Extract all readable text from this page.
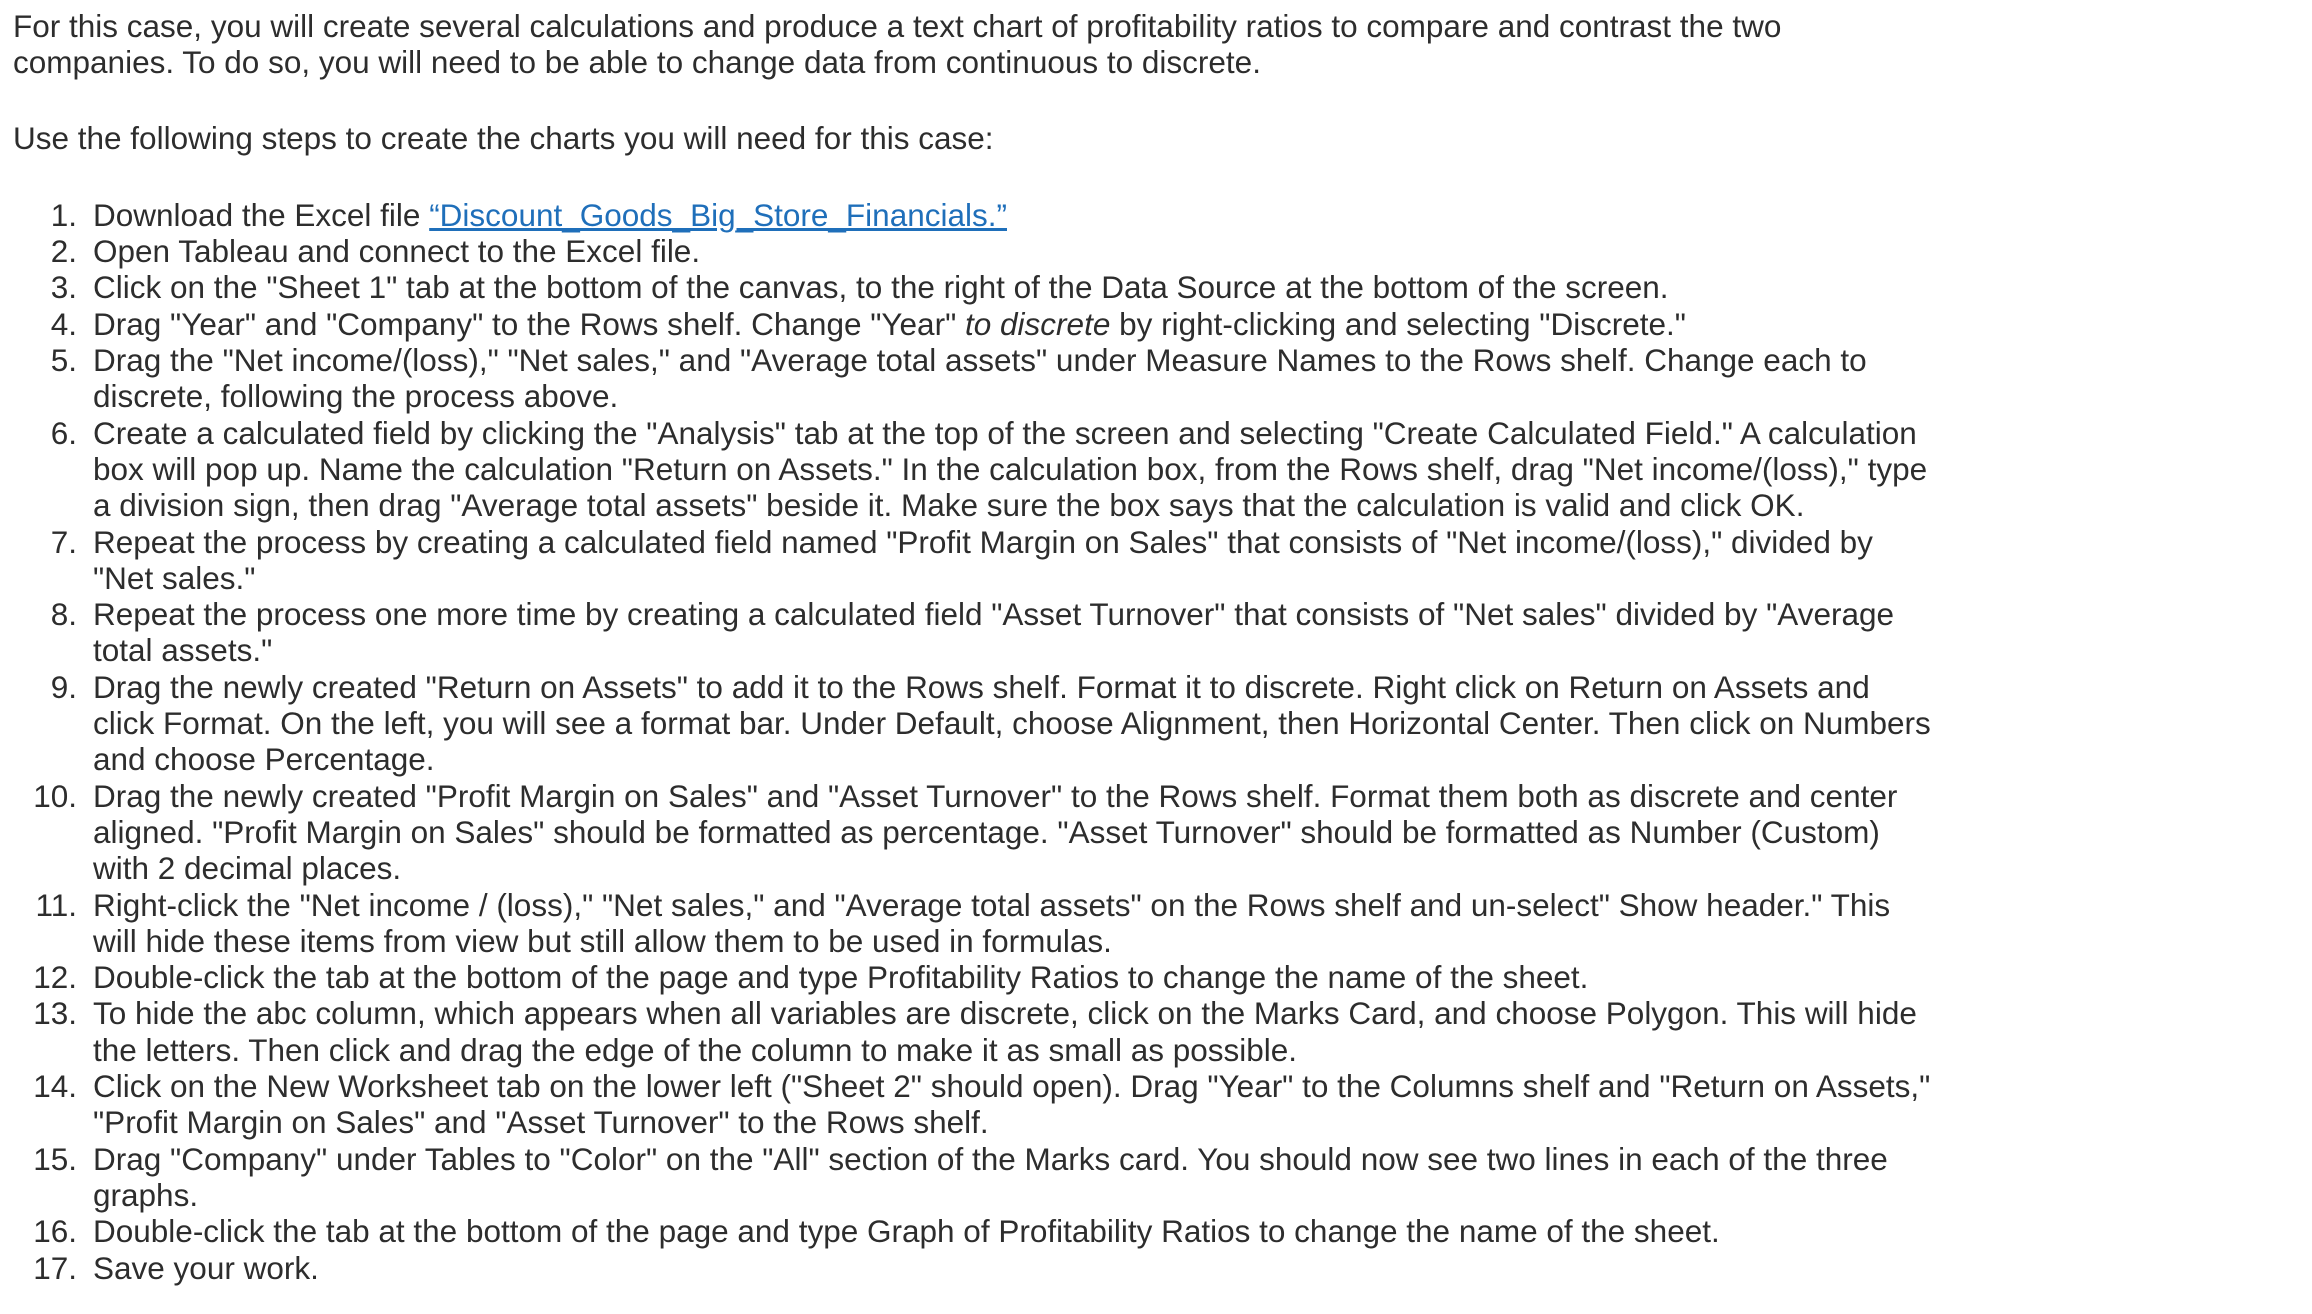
For this case, you will create several calculations and produce a text chart of profitability ratios to compare and contrast the two companies. To do so, you will need to be able to change data from continuous to discrete.

Use the following steps to create the charts you will need for this case:

1. Download the Excel file “Discount_Goods_Big_Store_Financials.”
2. Open Tableau and connect to the Excel file.
3. Click on the "Sheet 1" tab at the bottom of the canvas, to the right of the Data Source at the bottom of the screen.
4. Drag "Year" and "Company" to the Rows shelf. Change "Year" to discrete by right-clicking and selecting "Discrete."
5. Drag the "Net income/(loss)," "Net sales," and "Average total assets" under Measure Names to the Rows shelf. Change each to discrete, following the process above.
6. Create a calculated field by clicking the "Analysis" tab at the top of the screen and selecting "Create Calculated Field." A calculation box will pop up. Name the calculation "Return on Assets." In the calculation box, from the Rows shelf, drag "Net income/(loss)," type a division sign, then drag "Average total assets" beside it. Make sure the box says that the calculation is valid and click OK.
7. Repeat the process by creating a calculated field named "Profit Margin on Sales" that consists of "Net income/(loss)," divided by "Net sales."
8. Repeat the process one more time by creating a calculated field "Asset Turnover" that consists of "Net sales" divided by "Average total assets."
9. Drag the newly created "Return on Assets" to add it to the Rows shelf. Format it to discrete. Right click on Return on Assets and click Format. On the left, you will see a format bar. Under Default, choose Alignment, then Horizontal Center. Then click on Numbers and choose Percentage.
10. Drag the newly created "Profit Margin on Sales" and "Asset Turnover" to the Rows shelf. Format them both as discrete and center aligned. "Profit Margin on Sales" should be formatted as percentage. "Asset Turnover" should be formatted as Number (Custom) with 2 decimal places.
11. Right-click the "Net income / (loss)," "Net sales," and "Average total assets" on the Rows shelf and un-select" Show header." This will hide these items from view but still allow them to be used in formulas.
12. Double-click the tab at the bottom of the page and type Profitability Ratios to change the name of the sheet.
13. To hide the abc column, which appears when all variables are discrete, click on the Marks Card, and choose Polygon. This will hide the letters. Then click and drag the edge of the column to make it as small as possible.
14. Click on the New Worksheet tab on the lower left ("Sheet 2" should open). Drag "Year" to the Columns shelf and "Return on Assets," "Profit Margin on Sales" and "Asset Turnover" to the Rows shelf.
15. Drag "Company" under Tables to "Color" on the "All" section of the Marks card. You should now see two lines in each of the three graphs.
16. Double-click the tab at the bottom of the page and type Graph of Profitability Ratios to change the name of the sheet.
17. Save your work.
